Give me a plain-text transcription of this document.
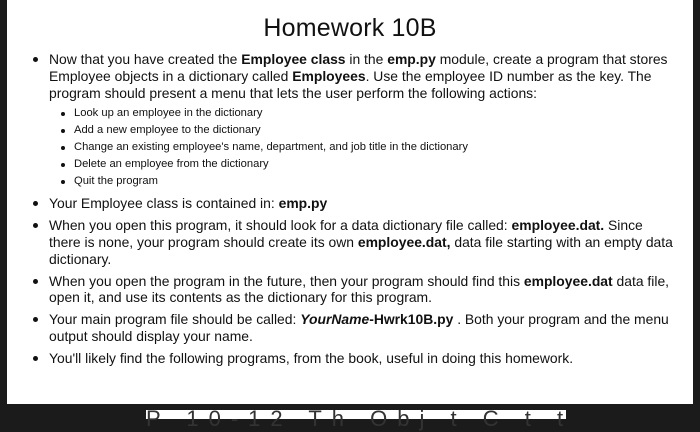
Homework 10B
Now that you have created the Employee class in the emp.py module, create a program that stores Employee objects in a dictionary called Employees. Use the employee ID number as the key. The program should present a menu that lets the user perform the following actions:
Look up an employee in the dictionary
Add a new employee to the dictionary
Change an existing employee's name, department, and job title in the dictionary
Delete an employee from the dictionary
Quit the program
Your Employee class is contained in: emp.py
When you open this program, it should look for a data dictionary file called: employee.dat. Since there is none, your program should create its own employee.dat, data file starting with an empty data dictionary.
When you open the program in the future, then your program should find this employee.dat data file, open it, and use its contents as the dictionary for this program.
Your main program file should be called: YourName-Hwrk10B.py . Both your program and the menu output should display your name.
You'll likely find the following programs, from the book, useful in doing this homework.
P 10-12 Th Obj t C t t
